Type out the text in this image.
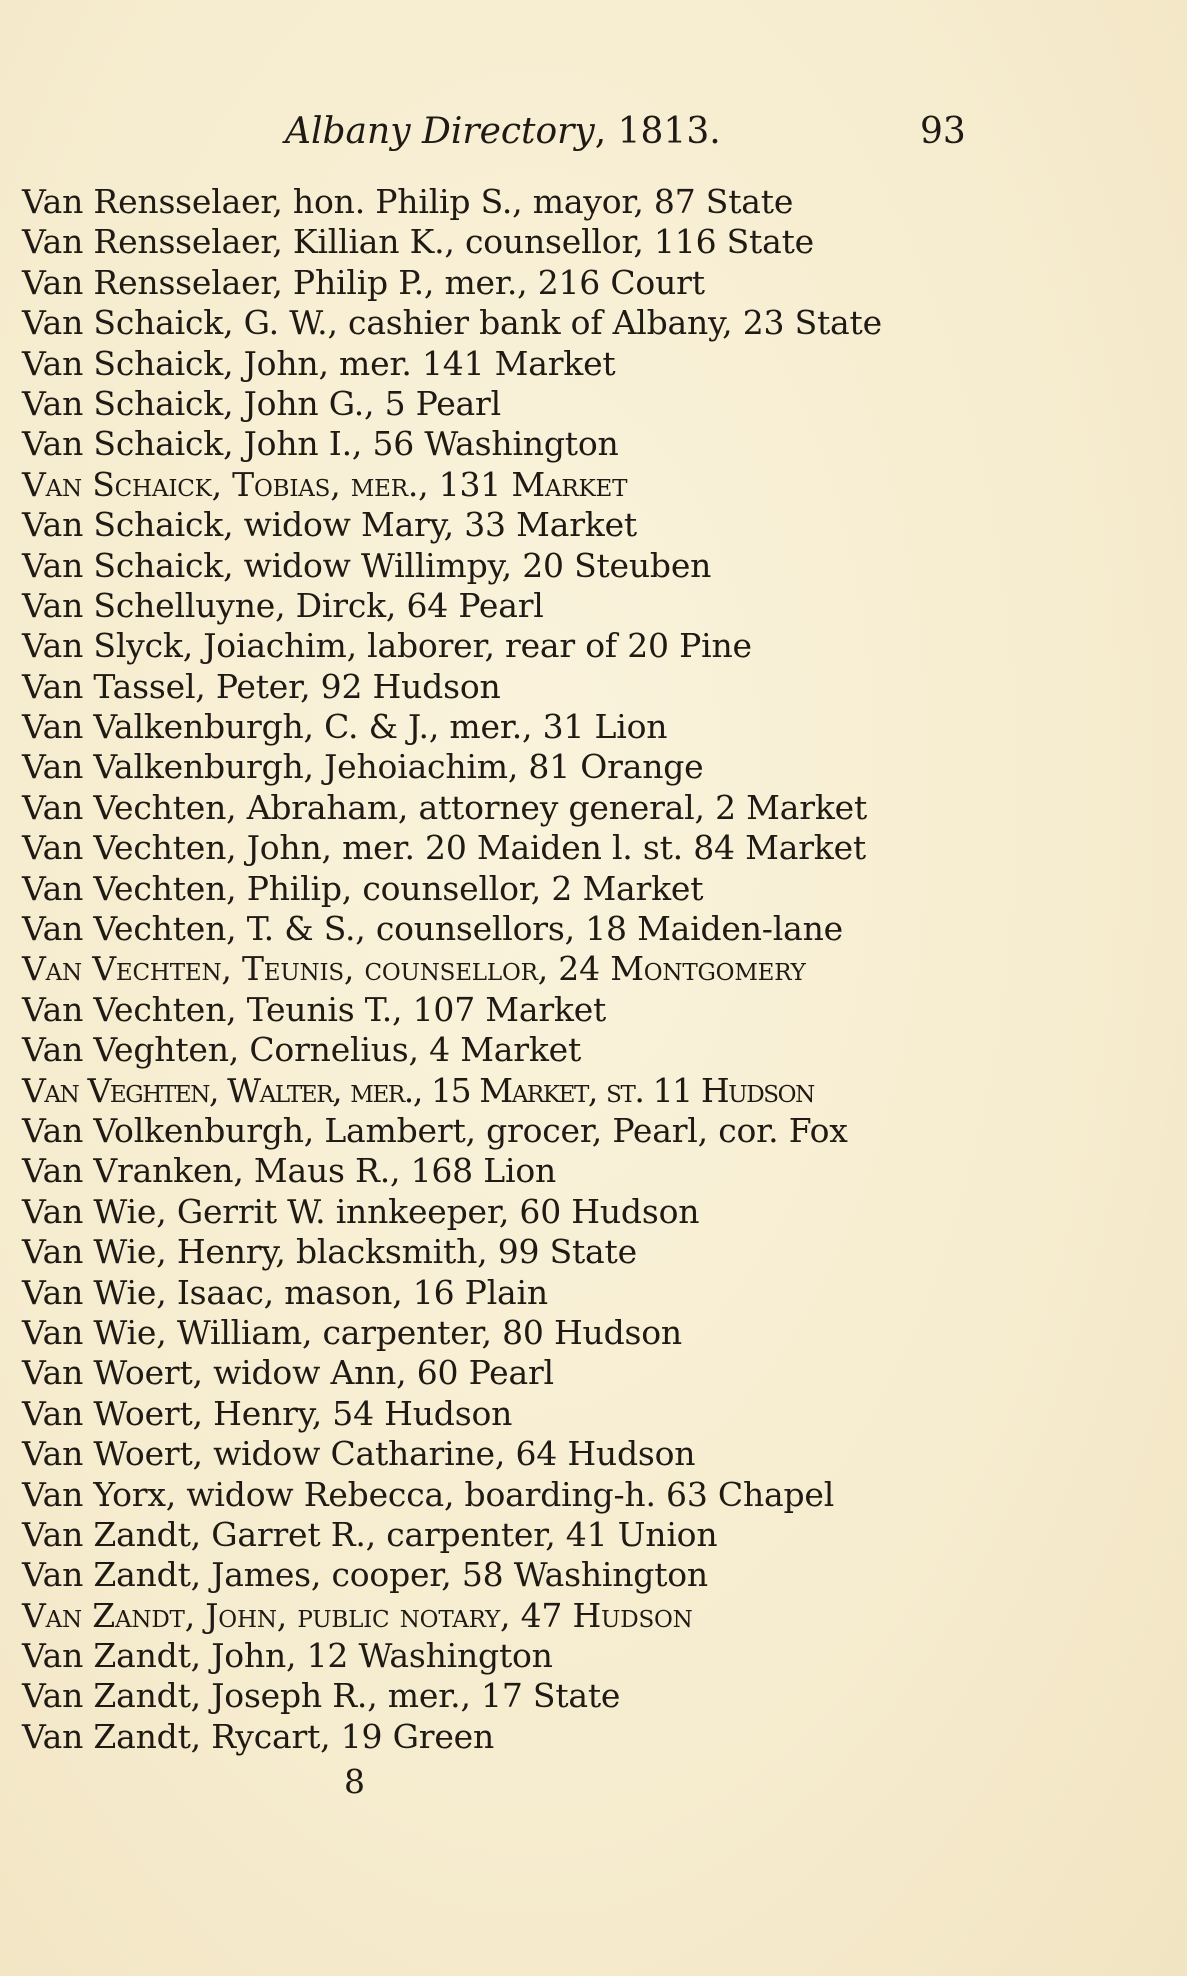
Albany Directory, 1813.	93
Van Rensselaer, hon. Philip S., mayor, 87 State
Van Rensselaer, Killian K., counsellor, 116 State
Van Rensselaer, Philip P., mer., 216 Court
Van Schaick, G. W., cashier bank of Albany, 23 State
Van Schaick, John, mer. 141 Market
Van Schaick, John G., 5 Pearl
Van Schaick, John I., 56 Washington
Van Schaick, Tobias, mer., 131 Market
Van Schaick, widow Mary, 33 Market
Van Schaick, widow Willimpy, 20 Steuben
Van Schelluyne, Dirck, 64 Pearl
Van Slyck, Joiachim, laborer, rear of 20 Pine
Van Tassel, Peter, 92 Hudson
Van Valkenburgh, C. & J., mer., 31 Lion
Van Valkenburgh, Jehoiachim, 81 Orange
Van Vechten, Abraham, attorney general, 2 Market
Van Vechten, John, mer. 20 Maiden l. st. 84 Market
Van Vechten, Philip, counsellor, 2 Market
Van Vechten, T. & S., counsellors, 18 Maiden-lane
Van Vechten, Teunis, counsellor, 24 Montgomery
Van Vechten, Teunis T., 107 Market
Van Veghten, Cornelius, 4 Market
Van Veghten, Walter, mer., 15 Market, st. 11 Hudson
Van Volkenburgh, Lambert, grocer, Pearl, cor. Fox
Van Vranken, Maus R., 168 Lion
Van Wie, Gerrit W. innkeeper, 60 Hudson
Van Wie, Henry, blacksmith, 99 State
Van Wie, Isaac, mason, 16 Plain
Van Wie, William, carpenter, 80 Hudson
Van Woert, widow Ann, 60 Pearl
Van Woert, Henry, 54 Hudson
Van Woert, widow Catharine, 64 Hudson
Van Yorx, widow Rebecca, boarding-h. 63 Chapel
Van Zandt, Garret R., carpenter, 41 Union
Van Zandt, James, cooper, 58 Washington
Van Zandt, John, public notary, 47 Hudson
Van Zandt, John, 12 Washington
Van Zandt, Joseph R., mer., 17 State
Van Zandt, Rycart, 19 Green
8
